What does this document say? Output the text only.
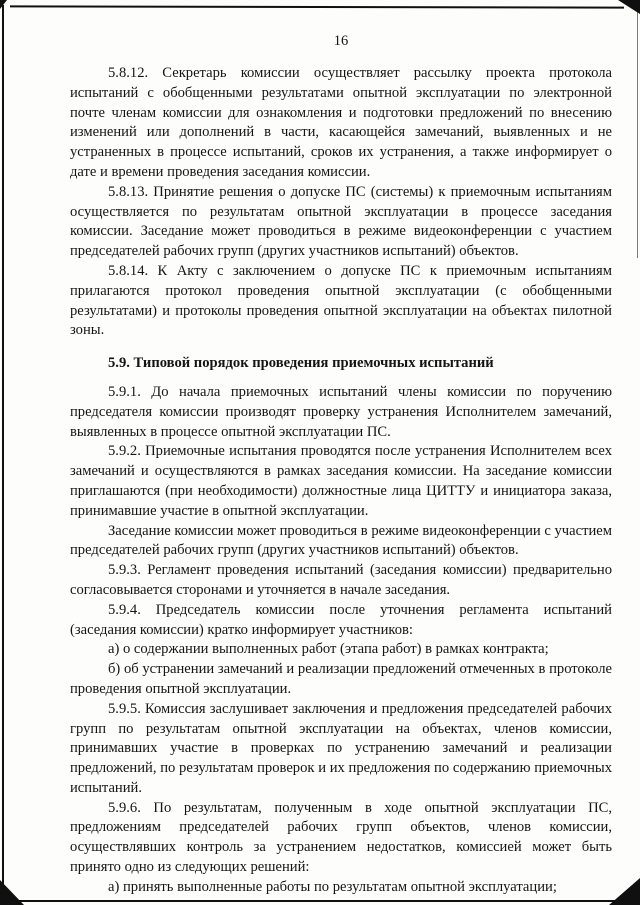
16

5.8.12. Секретарь комиссии осуществляет рассылку проекта протокола испытаний с обобщенными результатами опытной эксплуатации по электронной почте членам комиссии для ознакомления и подготовки предложений по внесению изменений или дополнений в части, касающейся замечаний, выявленных и не устраненных в процессе испытаний, сроков их устранения, а также информирует о дате и времени проведения заседания комиссии.

5.8.13. Принятие решения о допуске ПС (системы) к приемочным испытаниям осуществляется по результатам опытной эксплуатации в процессе заседания комиссии. Заседание может проводиться в режиме видеоконференции с участием председателей рабочих групп (других участников испытаний) объектов.

5.8.14. К Акту с заключением о допуске ПС к приемочным испытаниям прилагаются протокол проведения опытной эксплуатации (с обобщенными результатами) и протоколы проведения опытной эксплуатации на объектах пилотной зоны.

5.9. Типовой порядок проведения приемочных испытаний

5.9.1. До начала приемочных испытаний члены комиссии по поручению председателя комиссии производят проверку устранения Исполнителем замечаний, выявленных в процессе опытной эксплуатации ПС.

5.9.2. Приемочные испытания проводятся после устранения Исполнителем всех замечаний и осуществляются в рамках заседания комиссии. На заседание комиссии приглашаются (при необходимости) должностные лица ЦИТТУ и инициатора заказа, принимавшие участие в опытной эксплуатации.

Заседание комиссии может проводиться в режиме видеоконференции с участием председателей рабочих групп (других участников испытаний) объектов.

5.9.3. Регламент проведения испытаний (заседания комиссии) предварительно согласовывается сторонами и уточняется в начале заседания.

5.9.4. Председатель комиссии после уточнения регламента испытаний (заседания комиссии) кратко информирует участников:

а) о содержании выполненных работ (этапа работ) в рамках контракта;

б) об устранении замечаний и реализации предложений отмеченных в протоколе проведения опытной эксплуатации.

5.9.5. Комиссия заслушивает заключения и предложения председателей рабочих групп по результатам опытной эксплуатации на объектах, членов комиссии, принимавших участие в проверках по устранению замечаний и реализации предложений, по результатам проверок и их предложения по содержанию приемочных испытаний.

5.9.6. По результатам, полученным в ходе опытной эксплуатации ПС, предложениям председателей рабочих групп объектов, членов комиссии, осуществлявших контроль за устранением недостатков, комиссией может быть принято одно из следующих решений:

а) принять выполненные работы по результатам опытной эксплуатации;
